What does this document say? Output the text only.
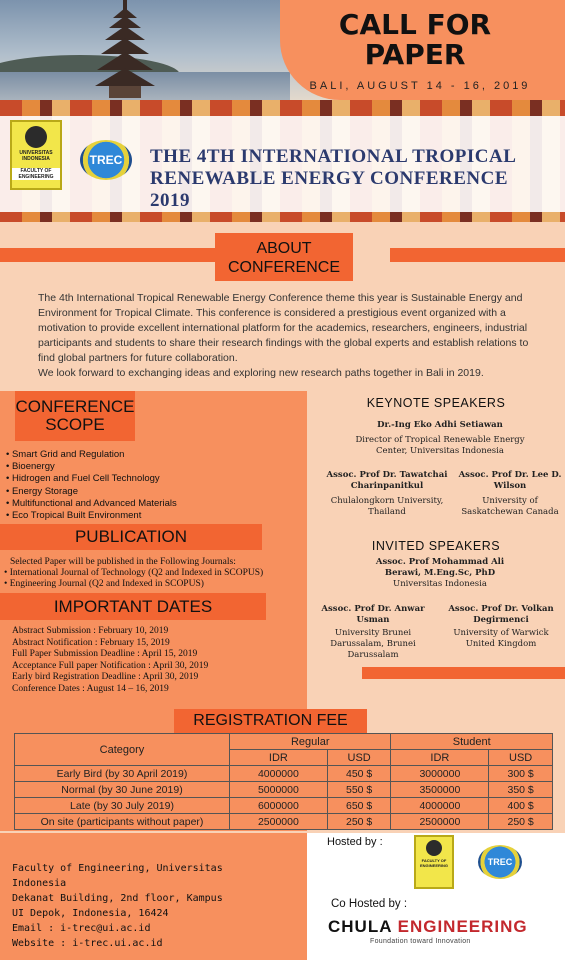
CALL FOR
PAPER
BALI, AUGUST 14 - 16, 2019
UNIVERSITAS INDONESIA
FACULTY OF ENGINEERING
TREC	THE 4TH INTERNATIONAL TROPICAL
RENEWABLE ENERGY CONFERENCE 2019
ABOUT
CONFERENCE
The 4th International Tropical Renewable Energy Conference theme this year is Sustainable Energy and Environment for Tropical Climate. This conference is considered a prestigious event organized with a motivation to provide excellent international platform for the academics, researchers, engineers, industrial participants and students to share their research findings with the global experts and establish relations to find global partners for future collaboration.
We look forward to exchanging ideas and exploring new research paths together in Bali in 2019.
CONFERENCE
SCOPE
• Smart Grid and Regulation
• Bioenergy
• Hidrogen and Fuel Cell Technology
• Energy Storage
• Multifunctional and Advanced Materials
• Eco Tropical Built Environment
PUBLICATION
Selected Paper will be published in the Following Journals:
• International Journal of Technology (Q2 and Indexed in SCOPUS)
• Engineering Journal (Q2 and Indexed in SCOPUS)
IMPORTANT DATES
Abstract Submission : February 10, 2019
Abstract Notification : February 15, 2019
Full Paper Submission Deadline : April 15, 2019
Acceptance Full paper Notification : April 30, 2019
Early bird Registration Deadline : April 30, 2019
Conference Dates : August 14 – 16, 2019
KEYNOTE SPEAKERS
Dr.-Ing Eko Adhi Setiawan
Director of Tropical Renewable Energy Center, Universitas Indonesia
Assoc. Prof Dr. Tawatchai Charinpanitkul
Chulalongkorn University, Thailand
Assoc. Prof Dr. Lee D. Wilson
University of Saskatchewan Canada
INVITED SPEAKERS
Assoc. Prof Mohammad Ali Berawi, M.Eng.Sc, PhD
Universitas Indonesia
Assoc. Prof Dr. Anwar Usman
University Brunei Darussalam, Brunei Darussalam
Assoc. Prof Dr. Volkan Degirmenci
University of Warwick United Kingdom
REGISTRATION FEE
Category	Regular		Student	
	IDR	USD	IDR	USD
Early Bird (by 30 April 2019)	4000000	450 $	3000000	300 $
Normal (by 30 June 2019)	5000000	550 $	3500000	350 $
Late (by 30 July 2019)	6000000	650 $	4000000	400 $
On site (participants without paper)	2500000	250 $	2500000	250 $
Faculty of Engineering, Universitas
Indonesia
Dekanat Building, 2nd floor, Kampus
UI Depok, Indonesia, 16424
Email : i-trec@ui.ac.id
Website : i-trec.ui.ac.id
Hosted by :
FACULTY OF ENGINEERING	TREC
Co Hosted by :
CHULA ENGINEERING
Foundation toward Innovation
